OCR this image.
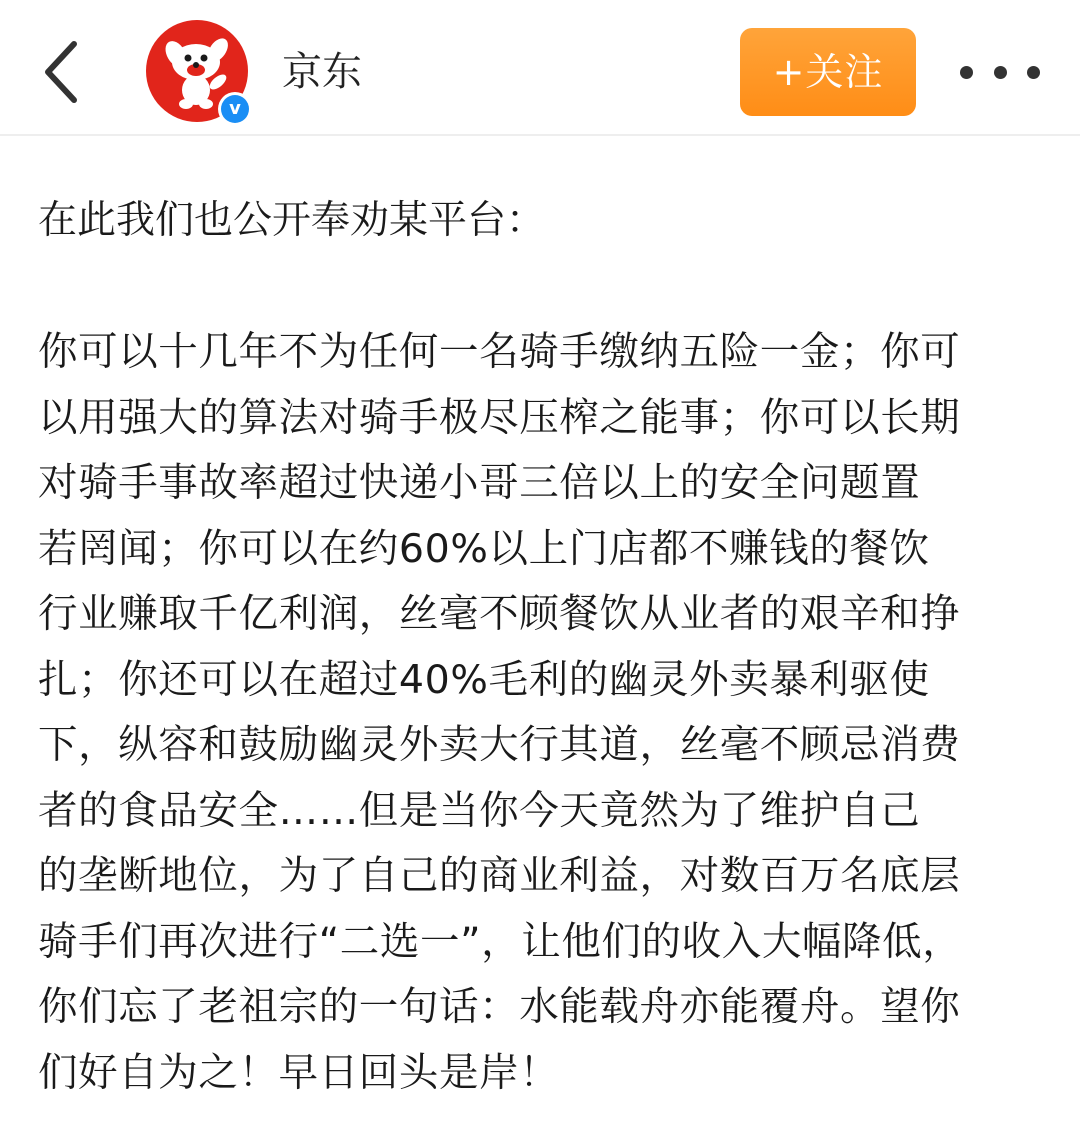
v
京东	+关注

在此我们也公开奉劝某平台：

你可以十几年不为任何一名骑手缴纳五险一金；你可
以用强大的算法对骑手极尽压榨之能事；你可以长期
对骑手事故率超过快递小哥三倍以上的安全问题置
若罔闻；你可以在约60%以上门店都不赚钱的餐饮
行业赚取千亿利润，丝毫不顾餐饮从业者的艰辛和挣
扎；你还可以在超过40%毛利的幽灵外卖暴利驱使
下，纵容和鼓励幽灵外卖大行其道，丝毫不顾忌消费
者的食品安全……但是当你今天竟然为了维护自己
的垄断地位，为了自己的商业利益，对数百万名底层
骑手们再次进行“二选一”，让他们的收入大幅降低，
你们忘了老祖宗的一句话：水能载舟亦能覆舟。望你
们好自为之！早日回头是岸！
